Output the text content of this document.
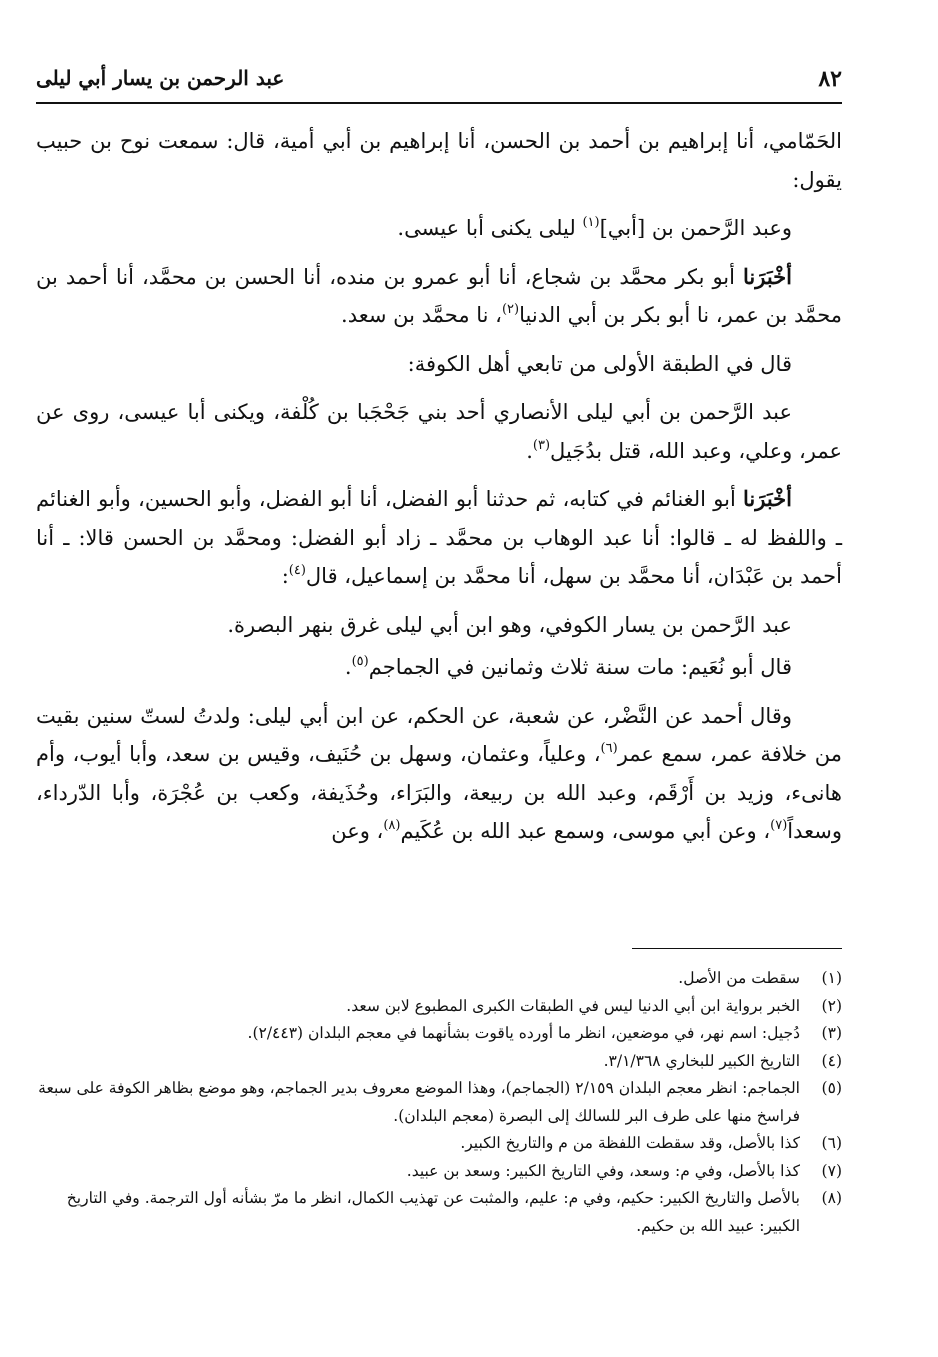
٨٢
عبد الرحمن بن يسار أبي ليلى

الحَمّامي، أنا إبراهيم بن أحمد بن الحسن، أنا إبراهيم بن أبي أمية، قال: سمعت نوح بن حبيب يقول:

وعبد الرَّحمن بن [أبي]$^{(١)}$ ليلى يكنى أبا عيسى.

أخْبَرَنا أبو بكر محمَّد بن شجاع، أنا أبو عمرو بن منده، أنا الحسن بن محمَّد، أنا أحمد بن محمَّد بن عمر، نا أبو بكر بن أبي الدنيا$^{(٢)}$، نا محمَّد بن سعد.

قال في الطبقة الأولى من تابعي أهل الكوفة:

عبد الرَّحمن بن أبي ليلى الأنصاري أحد بني جَحْجَبا بن كُلْفة، ويكنى أبا عيسى، روى عن عمر، وعلي، وعبد الله، قتل بدُجَيل$^{(٣)}$.

أخْبَرَنا أبو الغنائم في كتابه، ثم حدثنا أبو الفضل، أنا أبو الفضل، وأبو الحسين، وأبو الغنائم ـ واللفظ له ـ قالوا: أنا عبد الوهاب بن محمَّد ـ زاد أبو الفضل: ومحمَّد بن الحسن قالا: ـ أنا أحمد بن عَبْدَان، أنا محمَّد بن سهل، أنا محمَّد بن إسماعيل، قال$^{(٤)}$:

عبد الرَّحمن بن يسار الكوفي، وهو ابن أبي ليلى غرق بنهر البصرة.

قال أبو نُعَيم: مات سنة ثلاث وثمانين في الجماجم$^{(٥)}$.

وقال أحمد عن النَّضْر، عن شعبة، عن الحكم، عن ابن أبي ليلى: ولدتُ لستّ سنين بقيت من خلافة عمر، سمع عمر$^{(٦)}$، وعلياً، وعثمان، وسهل بن حُنَيف، وقيس بن سعد، وأبا أيوب، وأم هانىء، وزيد بن أَرْقَم، وعبد الله بن ربيعة، والبَرَاء، وحُذَيفة، وكعب بن عُجْرَة، وأبا الدّرداء، وسعداً$^{(٧)}$، وعن أبي موسى، وسمع عبد الله بن عُكَيم$^{(٨)}$، وعن

(١)
سقطت من الأصل.
(٢)
الخبر برواية ابن أبي الدنيا ليس في الطبقات الكبرى المطبوع لابن سعد.
(٣)
دُجيل: اسم نهر، في موضعين، انظر ما أورده ياقوت بشأنهما في معجم البلدان (٢/٤٤٣).
(٤)
التاريخ الكبير للبخاري ٣/١/٣٦٨.
(٥)
الجماجم: انظر معجم البلدان ٢/١٥٩ (الجماجم)، وهذا الموضع معروف بدير الجماجم، وهو موضع بظاهر الكوفة على سبعة فراسخ منها على طرف البر للسالك إلى البصرة (معجم البلدان).
(٦)
كذا بالأصل، وقد سقطت اللفظة من م والتاريخ الكبير.
(٧)
كذا بالأصل، وفي م: وسعد، وفي التاريخ الكبير: وسعد بن عبيد.
(٨)
بالأصل والتاريخ الكبير: حكيم، وفي م: عليم، والمثبت عن تهذيب الكمال، انظر ما مرّ بشأنه أول الترجمة. وفي التاريخ الكبير: عبيد الله بن حكيم.
